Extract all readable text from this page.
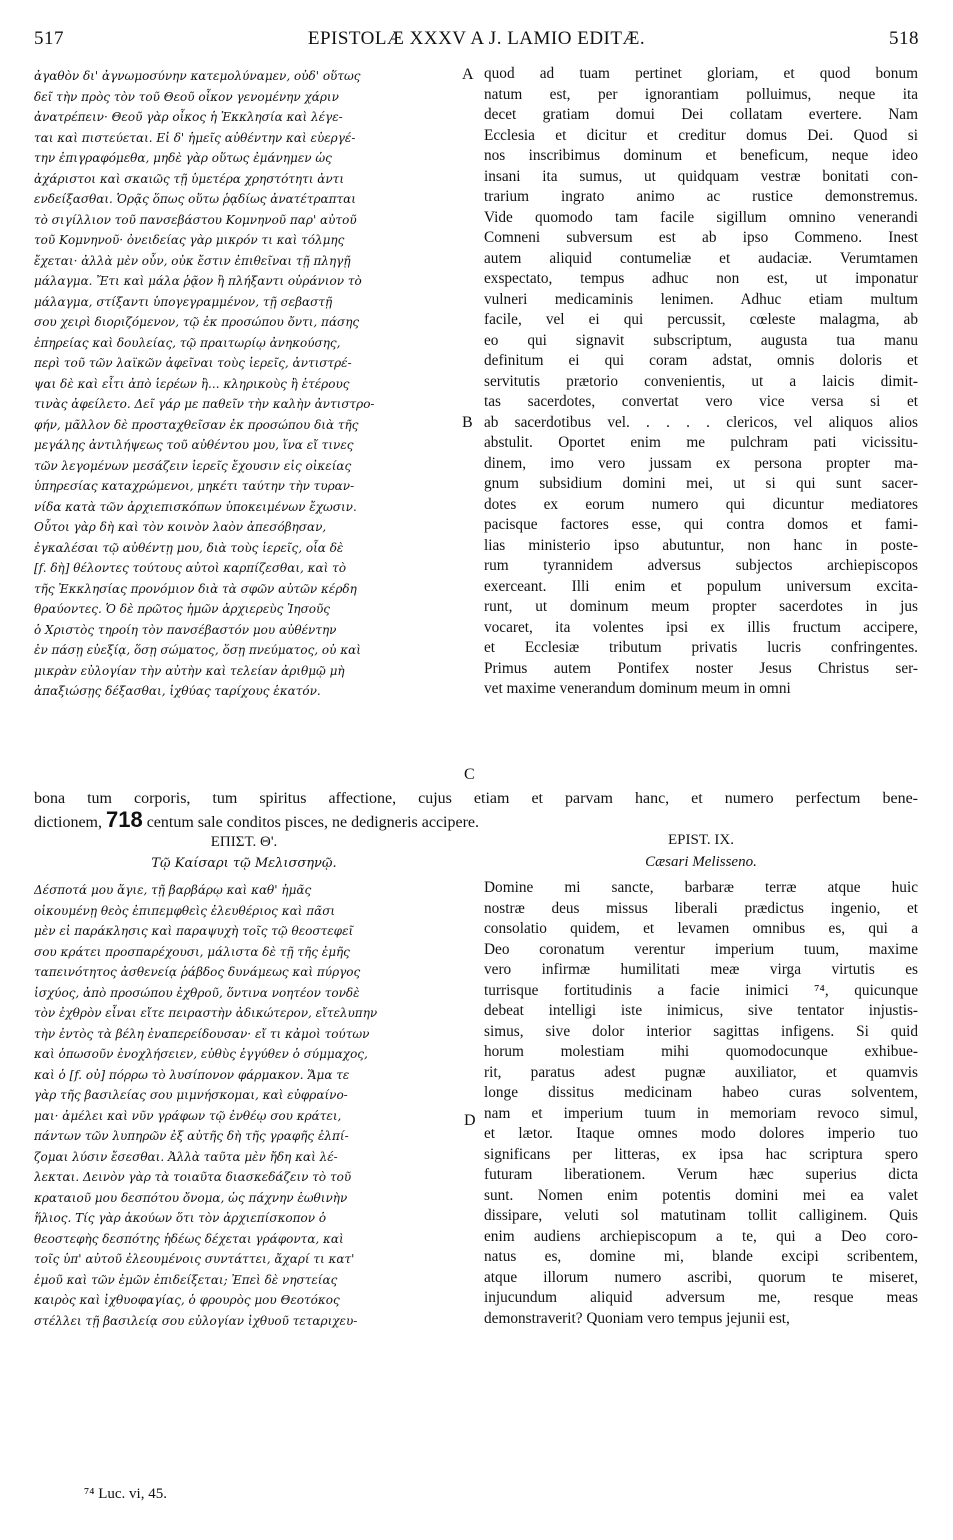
517	EPISTOLÆ XXXV A J. LAMIO EDITÆ.	518
ἀγαθὸν δι' ἀγνωμοσύνην κατεμολύναμεν, οὐδ' οὕτως
δεῖ τὴν πρὸς τὸν τοῦ Θεοῦ οἶκον γενομένην χάριν
ἀνατρέπειν· Θεοῦ γὰρ οἶκος ἡ Ἐκκλησία καὶ λέγε-
ται καὶ πιστεύεται. Εἰ δ' ἡμεῖς αὐθέντην καὶ εὐεργέ-
την ἐπιγραφόμεθα, μηδὲ γὰρ οὕτως ἐμάνημεν ὡς
ἀχάριστοι καὶ σκαιῶς τῇ ὑμετέρα χρηστότητι ἀντι
ενδείξασθαι. Ὁρᾷς ὅπως οὕτω ῥᾳδίως ἀνατέτραπται
τὸ σιγίλλιον τοῦ πανσεβάστου Κομνηνοῦ παρ' αὐτοῦ
τοῦ Κομνηνοῦ· ὀνειδείας γὰρ μικρόν τι καὶ τόλμης
ἔχεται· ἀλλὰ μὲν οὖν, οὐκ ἔστιν ἐπιθεῖναι τῇ πληγῇ
μάλαγμα. Ἔτι καὶ μάλα ῥᾷον ἢ πλήξαντι οὐράνιον τὸ
μάλαγμα, στίξαντι ὑπογεγραμμένον, τῇ σεβαστῇ
σου χειρὶ διοριζόμενον, τῷ ἐκ προσώπου ὄντι, πάσης
ἐπηρείας καὶ δουλείας, τῷ πραιτωρίῳ ἀνηκούσης,
περὶ τοῦ τῶν λαϊκῶν ἀφεῖναι τοὺς ἱερεῖς, ἀντιστρέ-
ψαι δὲ καὶ εἶτι ἀπὸ ἱερέων ἢ... κληρικοὺς ἢ ἑτέρους
τινὰς ἀφείλετο. Δεῖ γάρ με παθεῖν τὴν καλὴν ἀντιστρο-
φήν, μᾶλλον δὲ προσταχθεῖσαν ἐκ προσώπου διὰ τῆς
μεγάλης ἀντιλήψεως τοῦ αὐθέντου μου, ἵνα εἴ τινες
τῶν λεγομένων μεσάζειν ἱερεῖς ἔχουσιν εἰς οἰκείας
ὑπηρεσίας καταχρώμενοι, μηκέτι ταύτην τὴν τυραν-
νίδα κατὰ τῶν ἀρχιεπισκόπων ὑποκειμένων ἔχωσιν.
Οὗτοι γὰρ δὴ καὶ τὸν κοινὸν λαὸν ἀπεσόβησαν,
ἐγκαλέσαι τῷ αὐθέντῃ μου, διὰ τοὺς ἱερεῖς, οἷα δὲ
[f. δὴ] θέλοντες τούτους αὐτοὶ καρπίζεσθαι, καὶ τὸ
τῆς Ἐκκλησίας προνόμιον διὰ τὰ σφῶν αὐτῶν κέρδη
θραύοντες. Ὁ δὲ πρῶτος ἡμῶν ἀρχιερεὺς Ἰησοῦς
ὁ Χριστὸς τηροίη τὸν πανσέβαστόν μου αὐθέντην
ἐν πάσῃ εὐεξίᾳ, ὅσῃ σώματος, ὅσῃ πνεύματος, οὐ καὶ
μικρὰν εὐλογίαν τὴν αὐτὴν καὶ τελείαν ἀριθμῷ μὴ
ἀπαξιώσῃς δέξασθαι, ἰχθύας ταρίχους ἑκατόν.
quod ad tuam pertinet gloriam, et quod bonum
natum est, per ignorantiam polluimus, neque ita
decet gratiam domui Dei collatam evertere. Nam
Ecclesia et dicitur et creditur domus Dei. Quod si
nos inscribimus dominum et beneficum, neque ideo
insani ita sumus, ut quidquam vestræ bonitati con-
trarium ingrato animo ac rustice demonstremus.
Vide quomodo tam facile sigillum omnino venerandi
Comneni subversum est ab ipso Commeno. Inest
autem aliquid contumeliæ et audaciæ. Verumtamen
exspectato, tempus adhuc non est, ut imponatur
vulneri medicaminis lenimen. Adhuc etiam multum
facile, vel ei qui percussit, cœleste malagma, ab
eo qui signavit subscriptum, augusta tua manu
definitum ei qui coram adstat, omnis doloris et
servitutis prætorio convenientis, ut a laicis dimit-
tas sacerdotes, convertat vero vice versa si et
ab sacerdotibus vel. . . . . clericos, vel aliquos alios
abstulit. Oportet enim me pulchram pati vicissitu-
dinem, imo vero jussam ex persona propter ma-
gnum subsidium domini mei, ut si qui sunt sacer-
dotes ex eorum numero qui dicuntur mediatores
pacisque factores esse, qui contra domos et fami-
lias ministerio ipso abutuntur, non hanc in poste-
rum tyrannidem adversus subjectos archiepiscopos
exerceant. Illi enim et populum universum excita-
runt, ut dominum meum propter sacerdotes in jus
vocaret, ita volentes ipsi ex illis fructum accipere,
et Ecclesiæ tributum privatis lucris confringentes.
Primus autem Pontifex noster Jesus Christus ser-
vet maxime venerandum dominum meum in omni
A
B
C
D
bona tum corporis, tum spiritus affectione, cujus etiam et parvam hanc, et numero perfectum bene-
dictionem, 718 centum sale conditos pisces, ne dedigneris accipere.
ΕΠΙΣΤ. Θ'.
Τῷ Καίσαρι τῷ Μελισσηνῷ.
EPIST. IX.
Cæsari Melisseno.
Δέσποτά μου ἅγιε, τῇ βαρβάρῳ καὶ καθ' ἡμᾶς
οἰκουμένῃ θεὸς ἐπιπεμφθεὶς ἐλευθέριος καὶ πᾶσι
μὲν εἰ παράκλησις καὶ παραψυχὴ τοῖς τῷ θεοστεφεῖ
σου κράτει προσπαρέχουσι, μάλιστα δὲ τῇ τῆς ἐμῆς
ταπεινότητος ἀσθενείᾳ ῥάβδος δυνάμεως καὶ πύργος
ἰσχύος, ἀπὸ προσώπου ἐχθροῦ, ὅντινα νοητέον τονδὲ
τὸν ἐχθρὸν εἶναι εἴτε πειραστὴν ἀδικώτερον, εἴτελυπην
τὴν ἐντὸς τὰ βέλη ἐναπερείδουσαν· εἴ τι κἀμοὶ τούτων
καὶ ὁπωσοῦν ἐνοχλήσειεν, εὐθὺς ἐγγύθεν ὁ σύμμαχος,
καὶ ὁ [f. οὐ] πόρρω τὸ λυσίπονον φάρμακον. Ἅμα τε
γὰρ τῆς βασιλείας σου μιμνήσκομαι, καὶ εὐφραίνο-
μαι· ἀμέλει καὶ νῦν γράφων τῷ ἐνθέῳ σου κράτει,
πάντων τῶν λυπηρῶν ἐξ αὐτῆς δὴ τῆς γραφῆς ἐλπί-
ζομαι λύσιν ἔσεσθαι. Ἀλλὰ ταῦτα μὲν ἤδη καὶ λέ-
λεκται. Δεινὸν γὰρ τὰ τοιαῦτα διασκεδάζειν τὸ τοῦ
κραταιοῦ μου δεσπότου ὄνομα, ὡς πάχνην ἑωθινὴν
ἥλιος. Τίς γὰρ ἀκούων ὅτι τὸν ἀρχιεπίσκοπον ὁ
θεοστεφὴς δεσπότης ἡδέως δέχεται γράφοντα, καὶ
τοῖς ὑπ' αὐτοῦ ἐλεουμένοις συντάττει, ἄχαρί τι κατ'
ἐμοῦ καὶ τῶν ἐμῶν ἐπιδείξεται; Ἐπεὶ δὲ νηστείας
καιρὸς καὶ ἰχθυοφαγίας, ὁ φρουρὸς μου Θεοτόκος
στέλλει τῇ βασιλείᾳ σου εὐλογίαν ἰχθυοῦ τεταριχευ-
Domine mi sancte, barbaræ terræ atque huic
nostræ deus missus liberali prædictus ingenio, et
consolatio quidem, et levamen omnibus es, qui a
Deo coronatum verentur imperium tuum, maxime
vero infirmæ humilitati meæ virga virtutis es
turrisque fortitudinis a facie inimici ⁷⁴, quicunque
debeat intelligi iste inimicus, sive tentator injustis-
simus, sive dolor interior sagittas infigens. Si quid
horum molestiam mihi quomodocunque exhibue-
rit, paratus adest pugnæ auxiliator, et quamvis
longe dissitus medicinam habeo curas solventem,
nam et imperium tuum in memoriam revoco simul,
et lætor. Itaque omnes modo dolores imperio tuo
significans per litteras, ex ipsa hac scriptura spero
futuram liberationem. Verum hæc superius dicta
sunt. Nomen enim potentis domini mei ea valet
dissipare, veluti sol matutinam tollit calliginem. Quis
enim audiens archiepiscopum a te, qui a Deo coro-
natus es, domine mi, blande excipi scribentem,
atque illorum numero ascribi, quorum te miseret,
injucundum aliquid adversum me, resque meas
demonstraverit? Quoniam vero tempus jejunii est,
⁷⁴ Luc. vi, 45.
